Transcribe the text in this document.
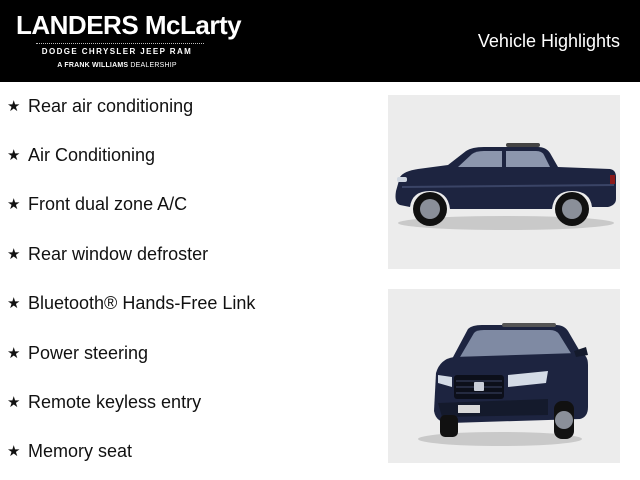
LANDERS McLarty
DODGE CHRYSLER JEEP RAM
A FRANK WILLIAMS DEALERSHIP
Vehicle Highlights
★ Rear air conditioning
★ Air Conditioning
★ Front dual zone A/C
★ Rear window defroster
★ Bluetooth® Hands-Free Link
★ Power steering
★ Remote keyless entry
★ Memory seat
